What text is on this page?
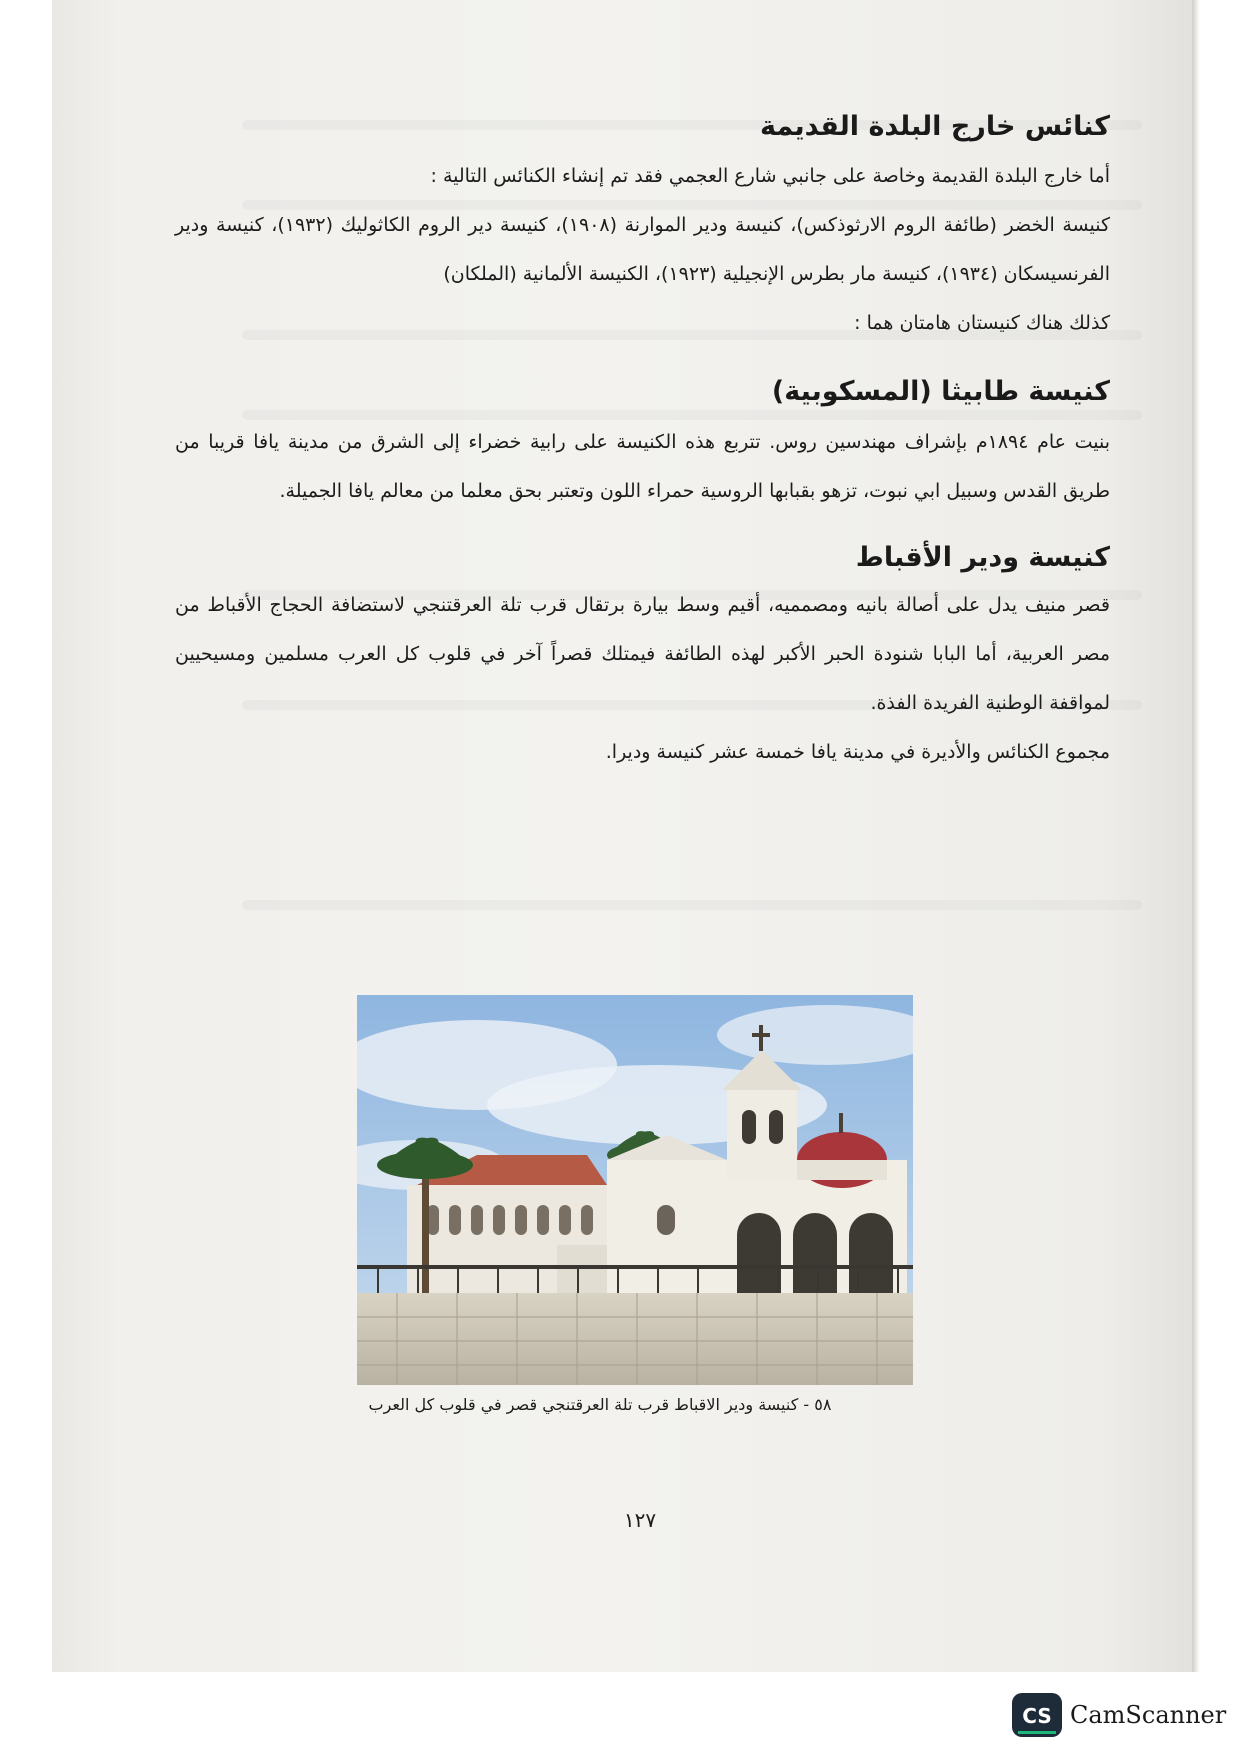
كنائس خارج البلدة القديمة

أما خارج البلدة القديمة وخاصة على جانبي شارع العجمي فقد تم إنشاء الكنائس التالية :

كنيسة الخضر (طائفة الروم الارثوذكس)، كنيسة ودير الموارنة (١٩٠٨)، كنيسة دير الروم الكاثوليك (١٩٣٢)، كنيسة ودير الفرنسيسكان (١٩٣٤)، كنيسة مار بطرس الإنجيلية (١٩٢٣)، الكنيسة الألمانية (الملكان)

كذلك هناك كنيستان هامتان هما :

كنيسة طابيثا (المسكوبية)

بنيت عام ١٨٩٤م بإشراف مهندسين روس. تتربع هذه الكنيسة على رابية خضراء إلى الشرق من مدينة يافا قريبا من طريق القدس وسبيل ابي نبوت، تزهو بقبابها الروسية حمراء اللون وتعتبر بحق معلما من معالم يافا الجميلة.

كنيسة ودير الأقباط

قصر منيف يدل على أصالة بانيه ومصمميه، أقيم وسط بيارة برتقال قرب تلة العرقتنجي لاستضافة الحجاج الأقباط من مصر العربية، أما البابا شنودة الحبر الأكبر لهذه الطائفة فيمتلك قصراً آخر في قلوب كل العرب مسلمين ومسيحيين لمواقفة الوطنية الفريدة الفذة.

مجموع الكنائس والأديرة في مدينة يافا خمسة عشر كنيسة وديرا.

٥٨ - كنيسة ودير الاقباط قرب تلة العرقتنجي قصر في قلوب كل العرب
١٢٧
CS CamScanner
